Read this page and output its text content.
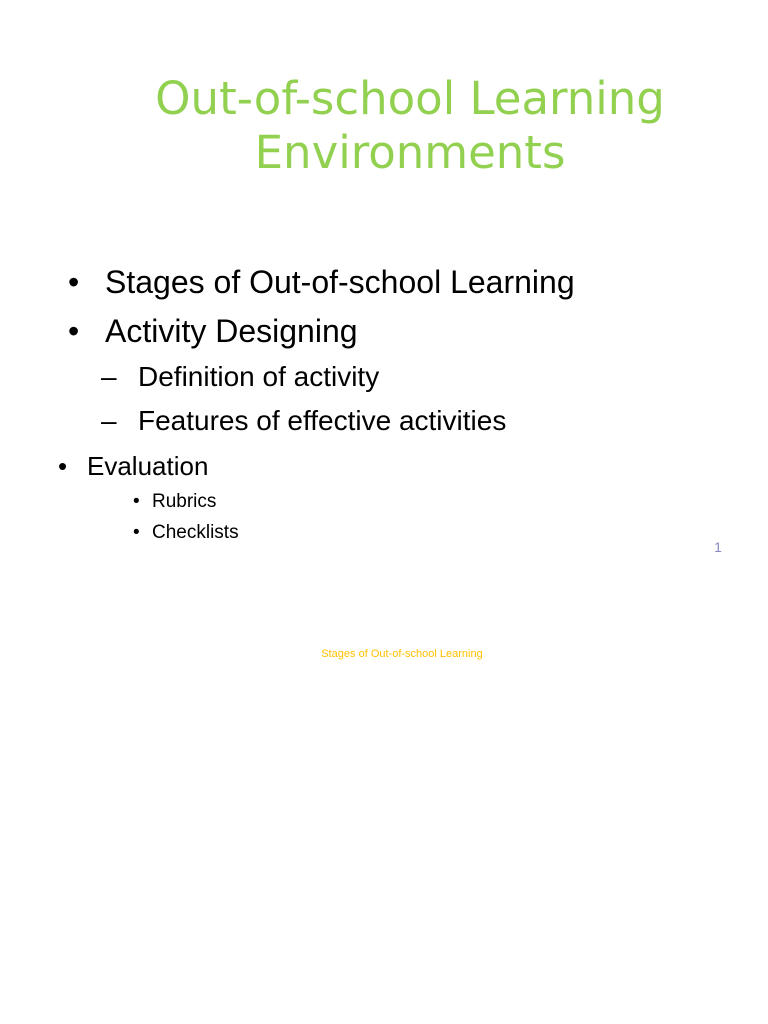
Out-of-school Learning
Environments
• Stages of Out-of-school Learning
• Activity Designing
– Definition of activity
– Features of effective activities
• Evaluation
• Rubrics
• Checklists
1
Stages of Out-of-school Learning
